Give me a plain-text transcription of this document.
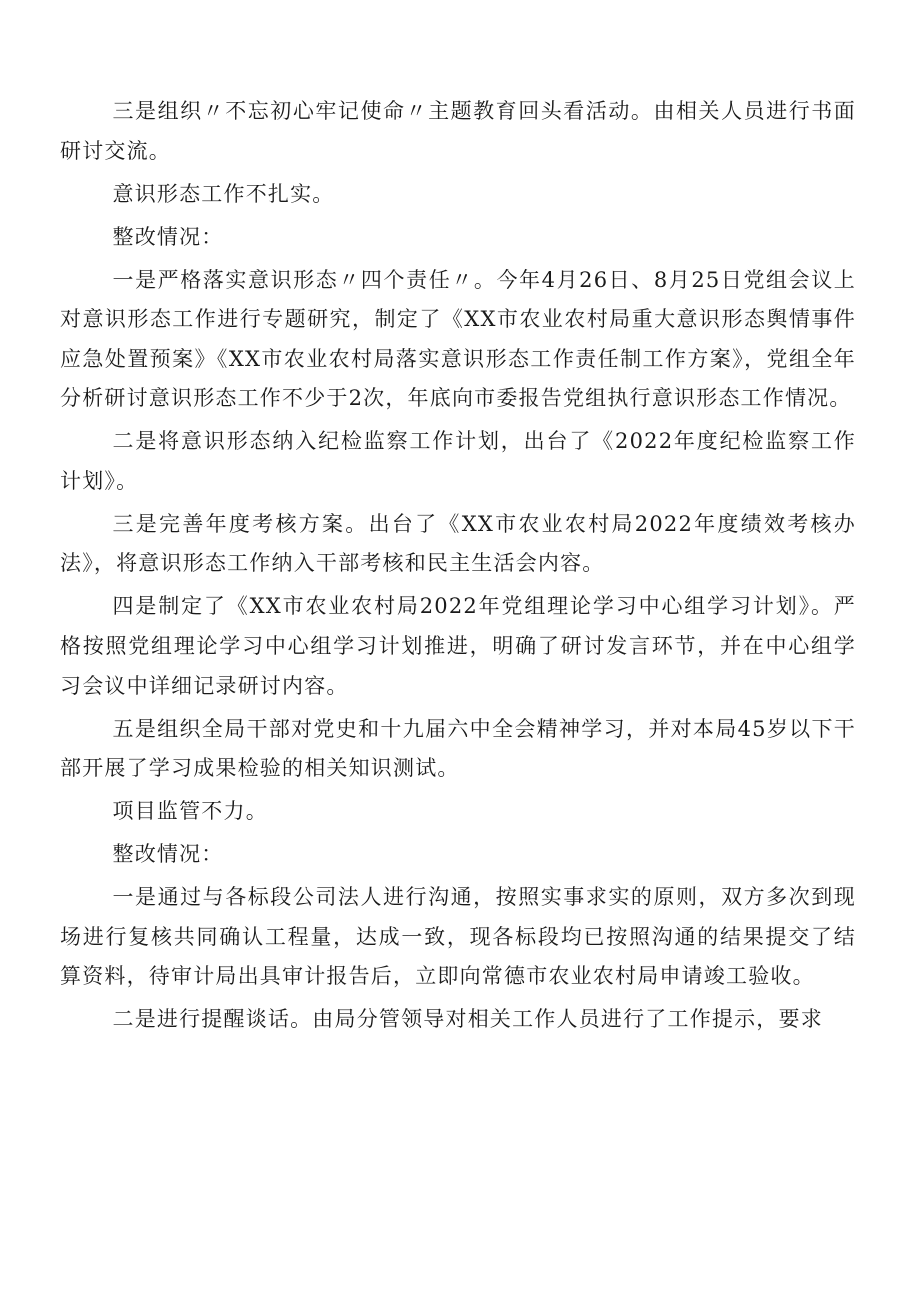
三是组织〃不忘初心牢记使命〃主题教育回头看活动。由相关人员进行书面研讨交流。

意识形态工作不扎实。

整改情况：

一是严格落实意识形态〃四个责任〃。今年4月26日、8月25日党组会议上对意识形态工作进行专题研究，制定了《XX市农业农村局重大意识形态舆情事件应急处置预案》《XX市农业农村局落实意识形态工作责任制工作方案》，党组全年分析研讨意识形态工作不少于2次，年底向市委报告党组执行意识形态工作情况。

二是将意识形态纳入纪检监察工作计划，出台了《2022年度纪检监察工作计划》。

三是完善年度考核方案。出台了《XX市农业农村局2022年度绩效考核办法》，将意识形态工作纳入干部考核和民主生活会内容。

四是制定了《XX市农业农村局2022年党组理论学习中心组学习计划》。严格按照党组理论学习中心组学习计划推进，明确了研讨发言环节，并在中心组学习会议中详细记录研讨内容。

五是组织全局干部对党史和十九届六中全会精神学习，并对本局45岁以下干部开展了学习成果检验的相关知识测试。

项目监管不力。

整改情况：

一是通过与各标段公司法人进行沟通，按照实事求实的原则，双方多次到现场进行复核共同确认工程量，达成一致，现各标段均已按照沟通的结果提交了结算资料，待审计局出具审计报告后，立即向常德市农业农村局申请竣工验收。

二是进行提醒谈话。由局分管领导对相关工作人员进行了工作提示，要求
